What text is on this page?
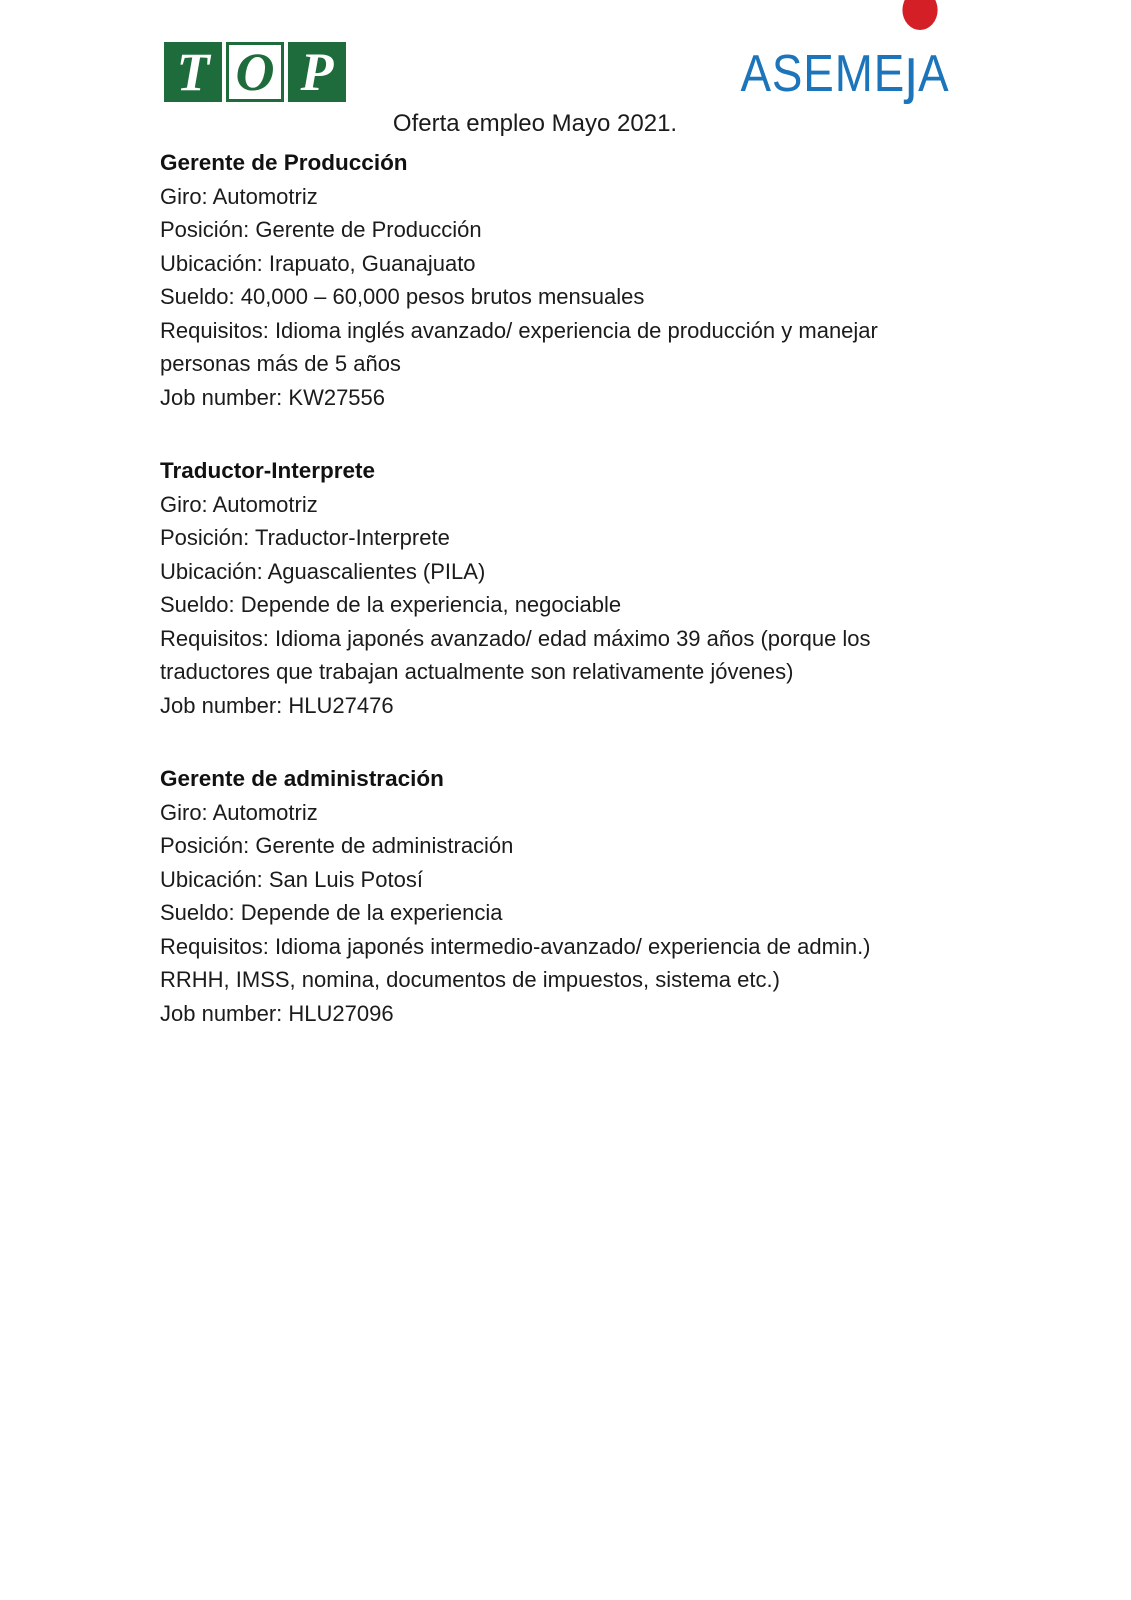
T O P	ASEME ȷ A
Oferta empleo Mayo 2021.
Gerente de Producción

Giro: Automotriz

Posición: Gerente de Producción

Ubicación: Irapuato, Guanajuato

Sueldo: 40,000 – 60,000 pesos brutos mensuales

Requisitos: Idioma inglés avanzado/ experiencia de producción y manejar

personas más de 5 años

Job number: KW27556

Traductor-Interprete

Giro: Automotriz

Posición: Traductor-Interprete

Ubicación: Aguascalientes (PILA)

Sueldo: Depende de la experiencia, negociable

Requisitos: Idioma japonés avanzado/ edad máximo 39 años (porque los

traductores que trabajan actualmente son relativamente jóvenes)

Job number: HLU27476

Gerente de administración

Giro: Automotriz

Posición: Gerente de administración

Ubicación: San Luis Potosí

Sueldo: Depende de la experiencia

Requisitos: Idioma japonés intermedio-avanzado/ experiencia de admin.)

RRHH, IMSS, nomina, documentos de impuestos, sistema etc.)

Job number: HLU27096
